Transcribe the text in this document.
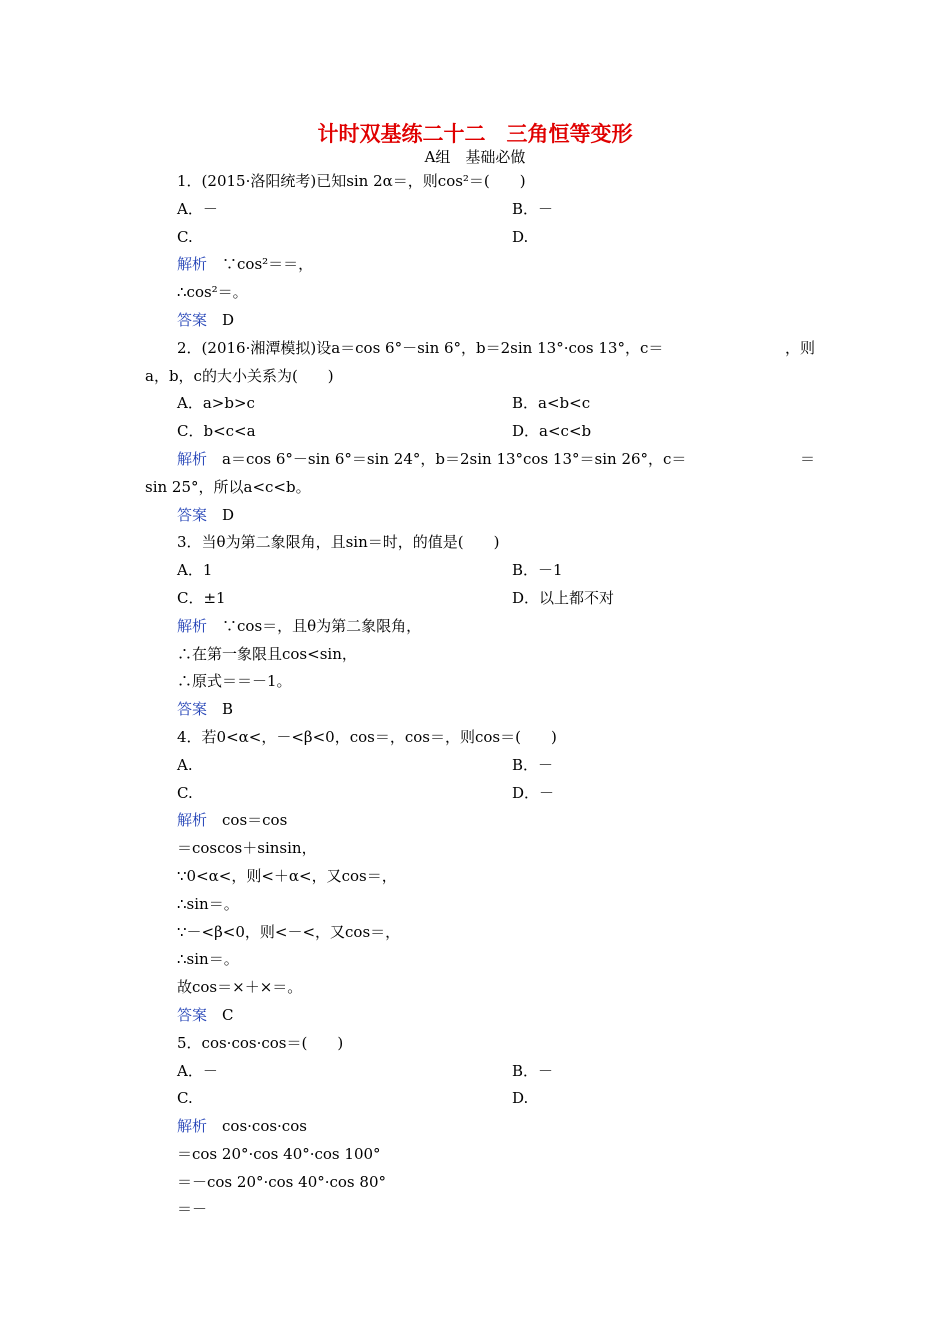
计时双基练二十二　三角恒等变形
A组　基础必做
1．(2015·洛阳统考)已知sin 2α＝，则cos²＝(　　)
A．－	B．－
C.	D.
解析　∵cos²＝＝，
∴cos²＝。
答案　D
2．(2016·湘潭模拟)设a＝cos 6°－sin 6°，b＝2sin 13°·cos 13°，c＝	，则
a，b，c的大小关系为(　　)
A．a>b>c	B．a<b<c
C．b<c<a	D．a<c<b
解析　a＝cos 6°－sin 6°＝sin 24°，b＝2sin 13°cos 13°＝sin 26°，c＝	＝
sin 25°，所以a<c<b。
答案　D
3．当θ为第二象限角，且sin＝时，的值是(　　)
A．1	B．－1
C．±1	D．以上都不对
解析　∵cos＝，且θ为第二象限角，
∴在第一象限且cos<sin，
∴原式＝＝－1。
答案　B
4．若0<α<，－<β<0，cos＝，cos＝，则cos＝(　　)
A.	B．－
C.	D．－
解析　cos＝cos
＝coscos＋sinsin，
∵0<α<，则<＋α<，又cos＝，
∴sin＝。
∵－<β<0，则<－<，又cos＝，
∴sin＝。
故cos＝×＋×＝。
答案　C
5．cos·cos·cos＝(　　)
A．－	B．－
C.	D.
解析　cos·cos·cos
＝cos 20°·cos 40°·cos 100°
＝－cos 20°·cos 40°·cos 80°
＝－
